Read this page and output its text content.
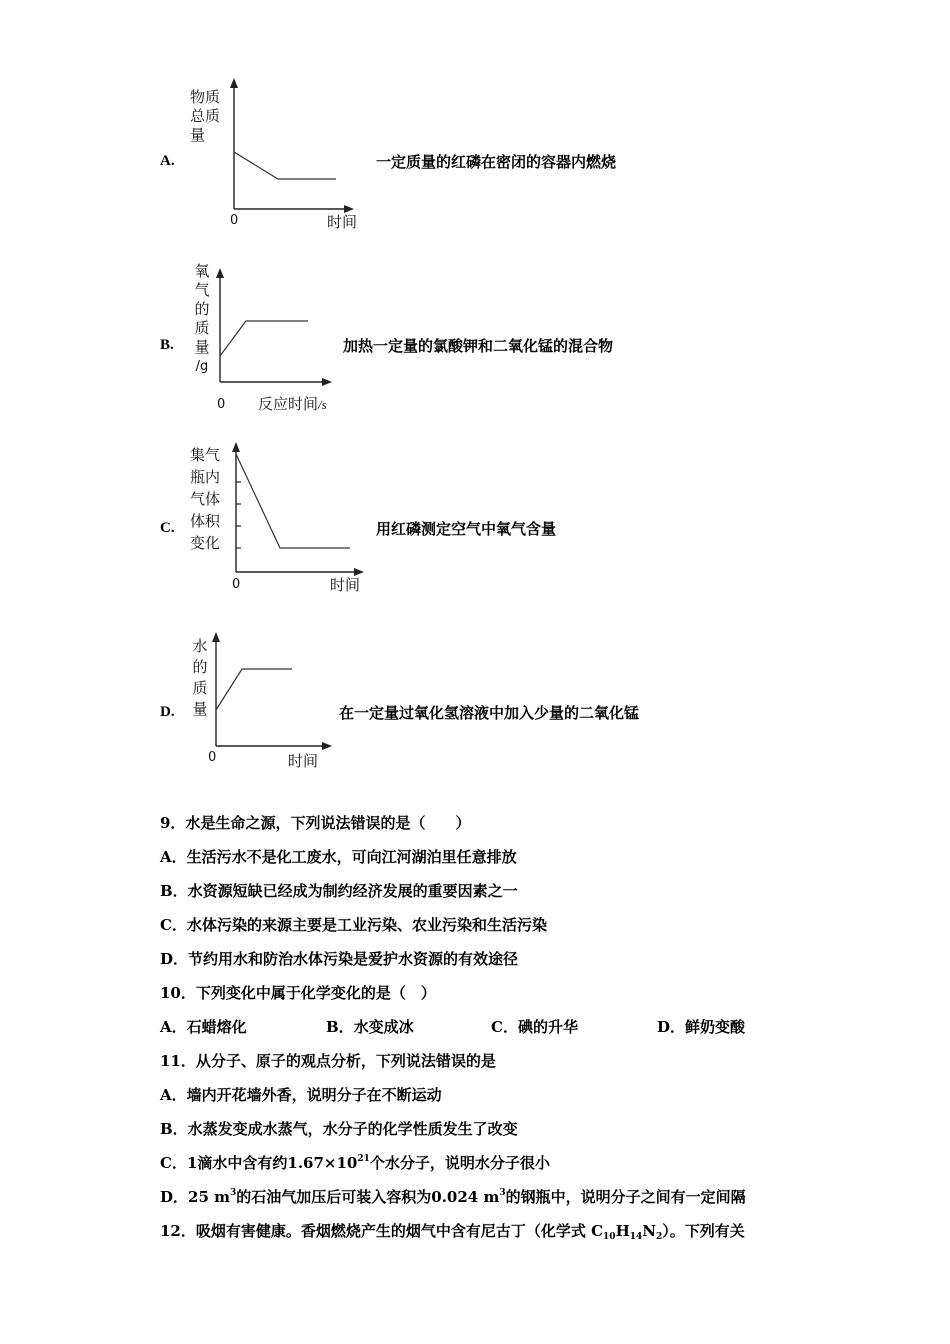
A.
物质
总质
量
0	时间
一定质量的红磷在密闭的容器内燃烧
B.
氧
气
的
质
量
/g
0 反应时间/s
加热一定量的氯酸钾和二氧化锰的混合物
C.
集气
瓶内
气体
体积
变化
0	时间
用红磷测定空气中氧气含量
D.
水
的
质
量
0	时间
在一定量过氧化氢溶液中加入少量的二氧化锰
9．水是生命之源，下列说法错误的是（　　）
A．生活污水不是化工废水，可向江河湖泊里任意排放
B．水资源短缺已经成为制约经济发展的重要因素之一
C．水体污染的来源主要是工业污染、农业污染和生活污染
D．节约用水和防治水体污染是爱护水资源的有效途径
10．下列变化中属于化学变化的是（　）
A．石蜡熔化	B．水变成冰	C．碘的升华	D．鲜奶变酸
11．从分子、原子的观点分析，下列说法错误的是
A．墙内开花墙外香，说明分子在不断运动
B．水蒸发变成水蒸气，水分子的化学性质发生了改变
C．1滴水中含有约$1.67\times 10^{21}$个水分子，说明水分子很小
D．25 $m^3$的石油气加压后可装入容积为0.024 $m^3$的钢瓶中，说明分子之间有一定间隔
12．吸烟有害健康。香烟燃烧产生的烟气中含有尼古丁（化学式 $C_{10}H_{14}N_2$）。下列有关
